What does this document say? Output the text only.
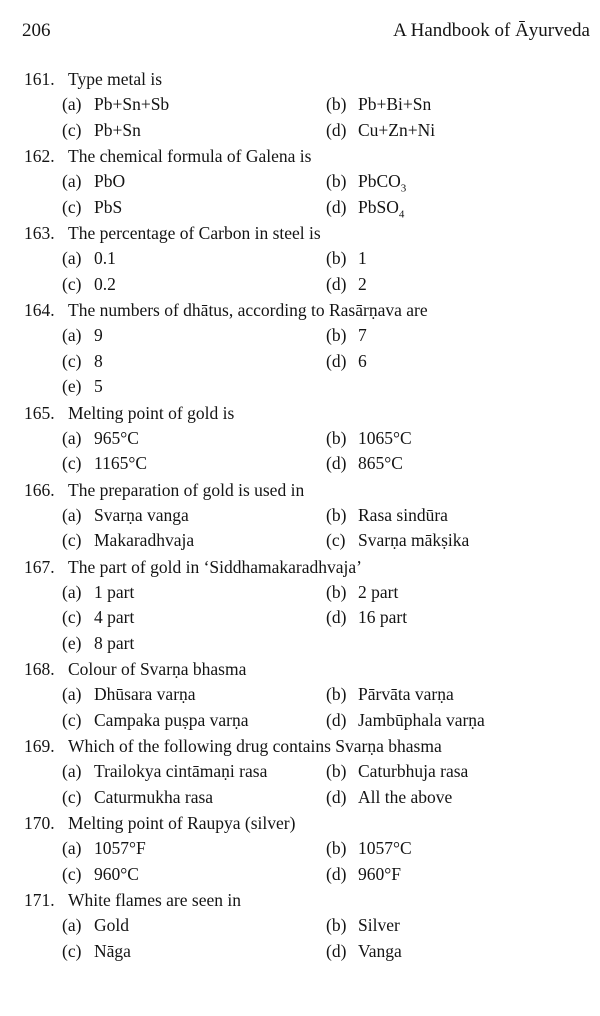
206	A Handbook of Āyurveda
161. Type metal is
(a) Pb+Sn+Sb	(b) Pb+Bi+Sn
(c) Pb+Sn	(d) Cu+Zn+Ni
162. The chemical formula of Galena is
(a) PbO	(b) PbCO$_3$
(c) PbS	(d) PbSO$_4$
163. The percentage of Carbon in steel is
(a) 0.1	(b) 1
(c) 0.2	(d) 2
164. The numbers of dhātus, according to Rasārṇava are
(a) 9	(b) 7
(c) 8	(d) 6
(e) 5
165. Melting point of gold is
(a) 965°C	(b) 1065°C
(c) 1165°C	(d) 865°C
166. The preparation of gold is used in
(a) Svarṇa vanga	(b) Rasa sindūra
(c) Makaradhvaja	(c) Svarṇa mākṣika
167. The part of gold in ‘Siddhamakaradhvaja’
(a) 1 part	(b) 2 part
(c) 4 part	(d) 16 part
(e) 8 part
168. Colour of Svarṇa bhasma
(a) Dhūsara varṇa	(b) Pārvāta varṇa
(c) Campaka puṣpa varṇa	(d) Jambūphala varṇa
169. Which of the following drug contains Svarṇa bhasma
(a) Trailokya cintāmaṇi rasa	(b) Caturbhuja rasa
(c) Caturmukha rasa	(d) All the above
170. Melting point of Raupya (silver)
(a) 1057°F	(b) 1057°C
(c) 960°C	(d) 960°F
171. White flames are seen in
(a) Gold	(b) Silver
(c) Nāga	(d) Vanga
